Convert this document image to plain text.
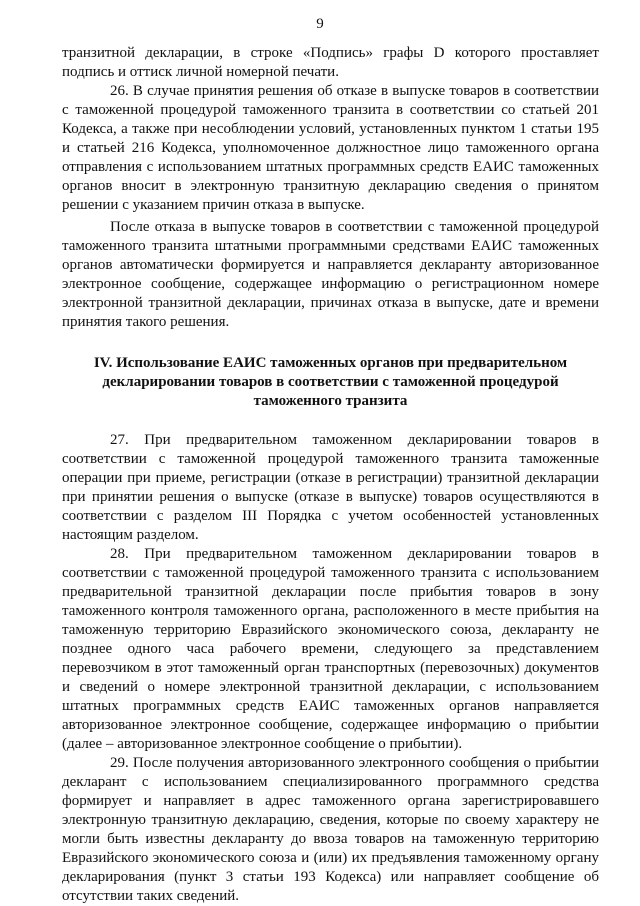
9

транзитной декларации, в строке «Подпись» графы D которого проставляет подпись и оттиск личной номерной печати.

26. В случае принятия решения об отказе в выпуске товаров в соответствии с таможенной процедурой таможенного транзита в соответствии со статьей 201 Кодекса, а также при несоблюдении условий, установленных пунктом 1 статьи 195 и статьей 216 Кодекса, уполномоченное должностное лицо таможенного органа отправления с использованием штатных программных средств ЕАИС таможенных органов вносит в электронную транзитную декларацию сведения о принятом решении с указанием причин отказа в выпуске.

После отказа в выпуске товаров в соответствии с таможенной процедурой таможенного транзита штатными программными средствами ЕАИС таможенных органов автоматически формируется и направляется декларанту авторизованное электронное сообщение, содержащее информацию о регистрационном номере электронной транзитной декларации, причинах отказа в выпуске, дате и времени принятия такого решения.

IV. Использование ЕАИС таможенных органов при предварительном
декларировании товаров в соответствии с таможенной процедурой
таможенного транзита

27. При предварительном таможенном декларировании товаров в соответствии с таможенной процедурой таможенного транзита таможенные операции при приеме, регистрации (отказе в регистрации) транзитной декларации при принятии решения о выпуске (отказе в выпуске) товаров осуществляются в соответствии с разделом III Порядка с учетом особенностей установленных настоящим разделом.

28. При предварительном таможенном декларировании товаров в соответствии с таможенной процедурой таможенного транзита с использованием предварительной транзитной декларации после прибытия товаров в зону таможенного контроля таможенного органа, расположенного в месте прибытия на таможенную территорию Евразийского экономического союза, декларанту не позднее одного часа рабочего времени, следующего за представлением перевозчиком в этот таможенный орган транспортных (перевозочных) документов и сведений о номере электронной транзитной декларации, с использованием штатных программных средств ЕАИС таможенных органов направляется авторизованное электронное сообщение, содержащее информацию о прибытии (далее – авторизованное электронное сообщение о прибытии).

29. После получения авторизованного электронного сообщения о прибытии декларант с использованием специализированного программного средства формирует и направляет в адрес таможенного органа зарегистрировавшего электронную транзитную декларацию, сведения, которые по своему характеру не могли быть известны декларанту до ввоза товаров на таможенную территорию Евразийского экономического союза и (или) их предъявления таможенному органу декларирования (пункт 3 статьи 193 Кодекса) или направляет сообщение об отсутствии таких сведений.
